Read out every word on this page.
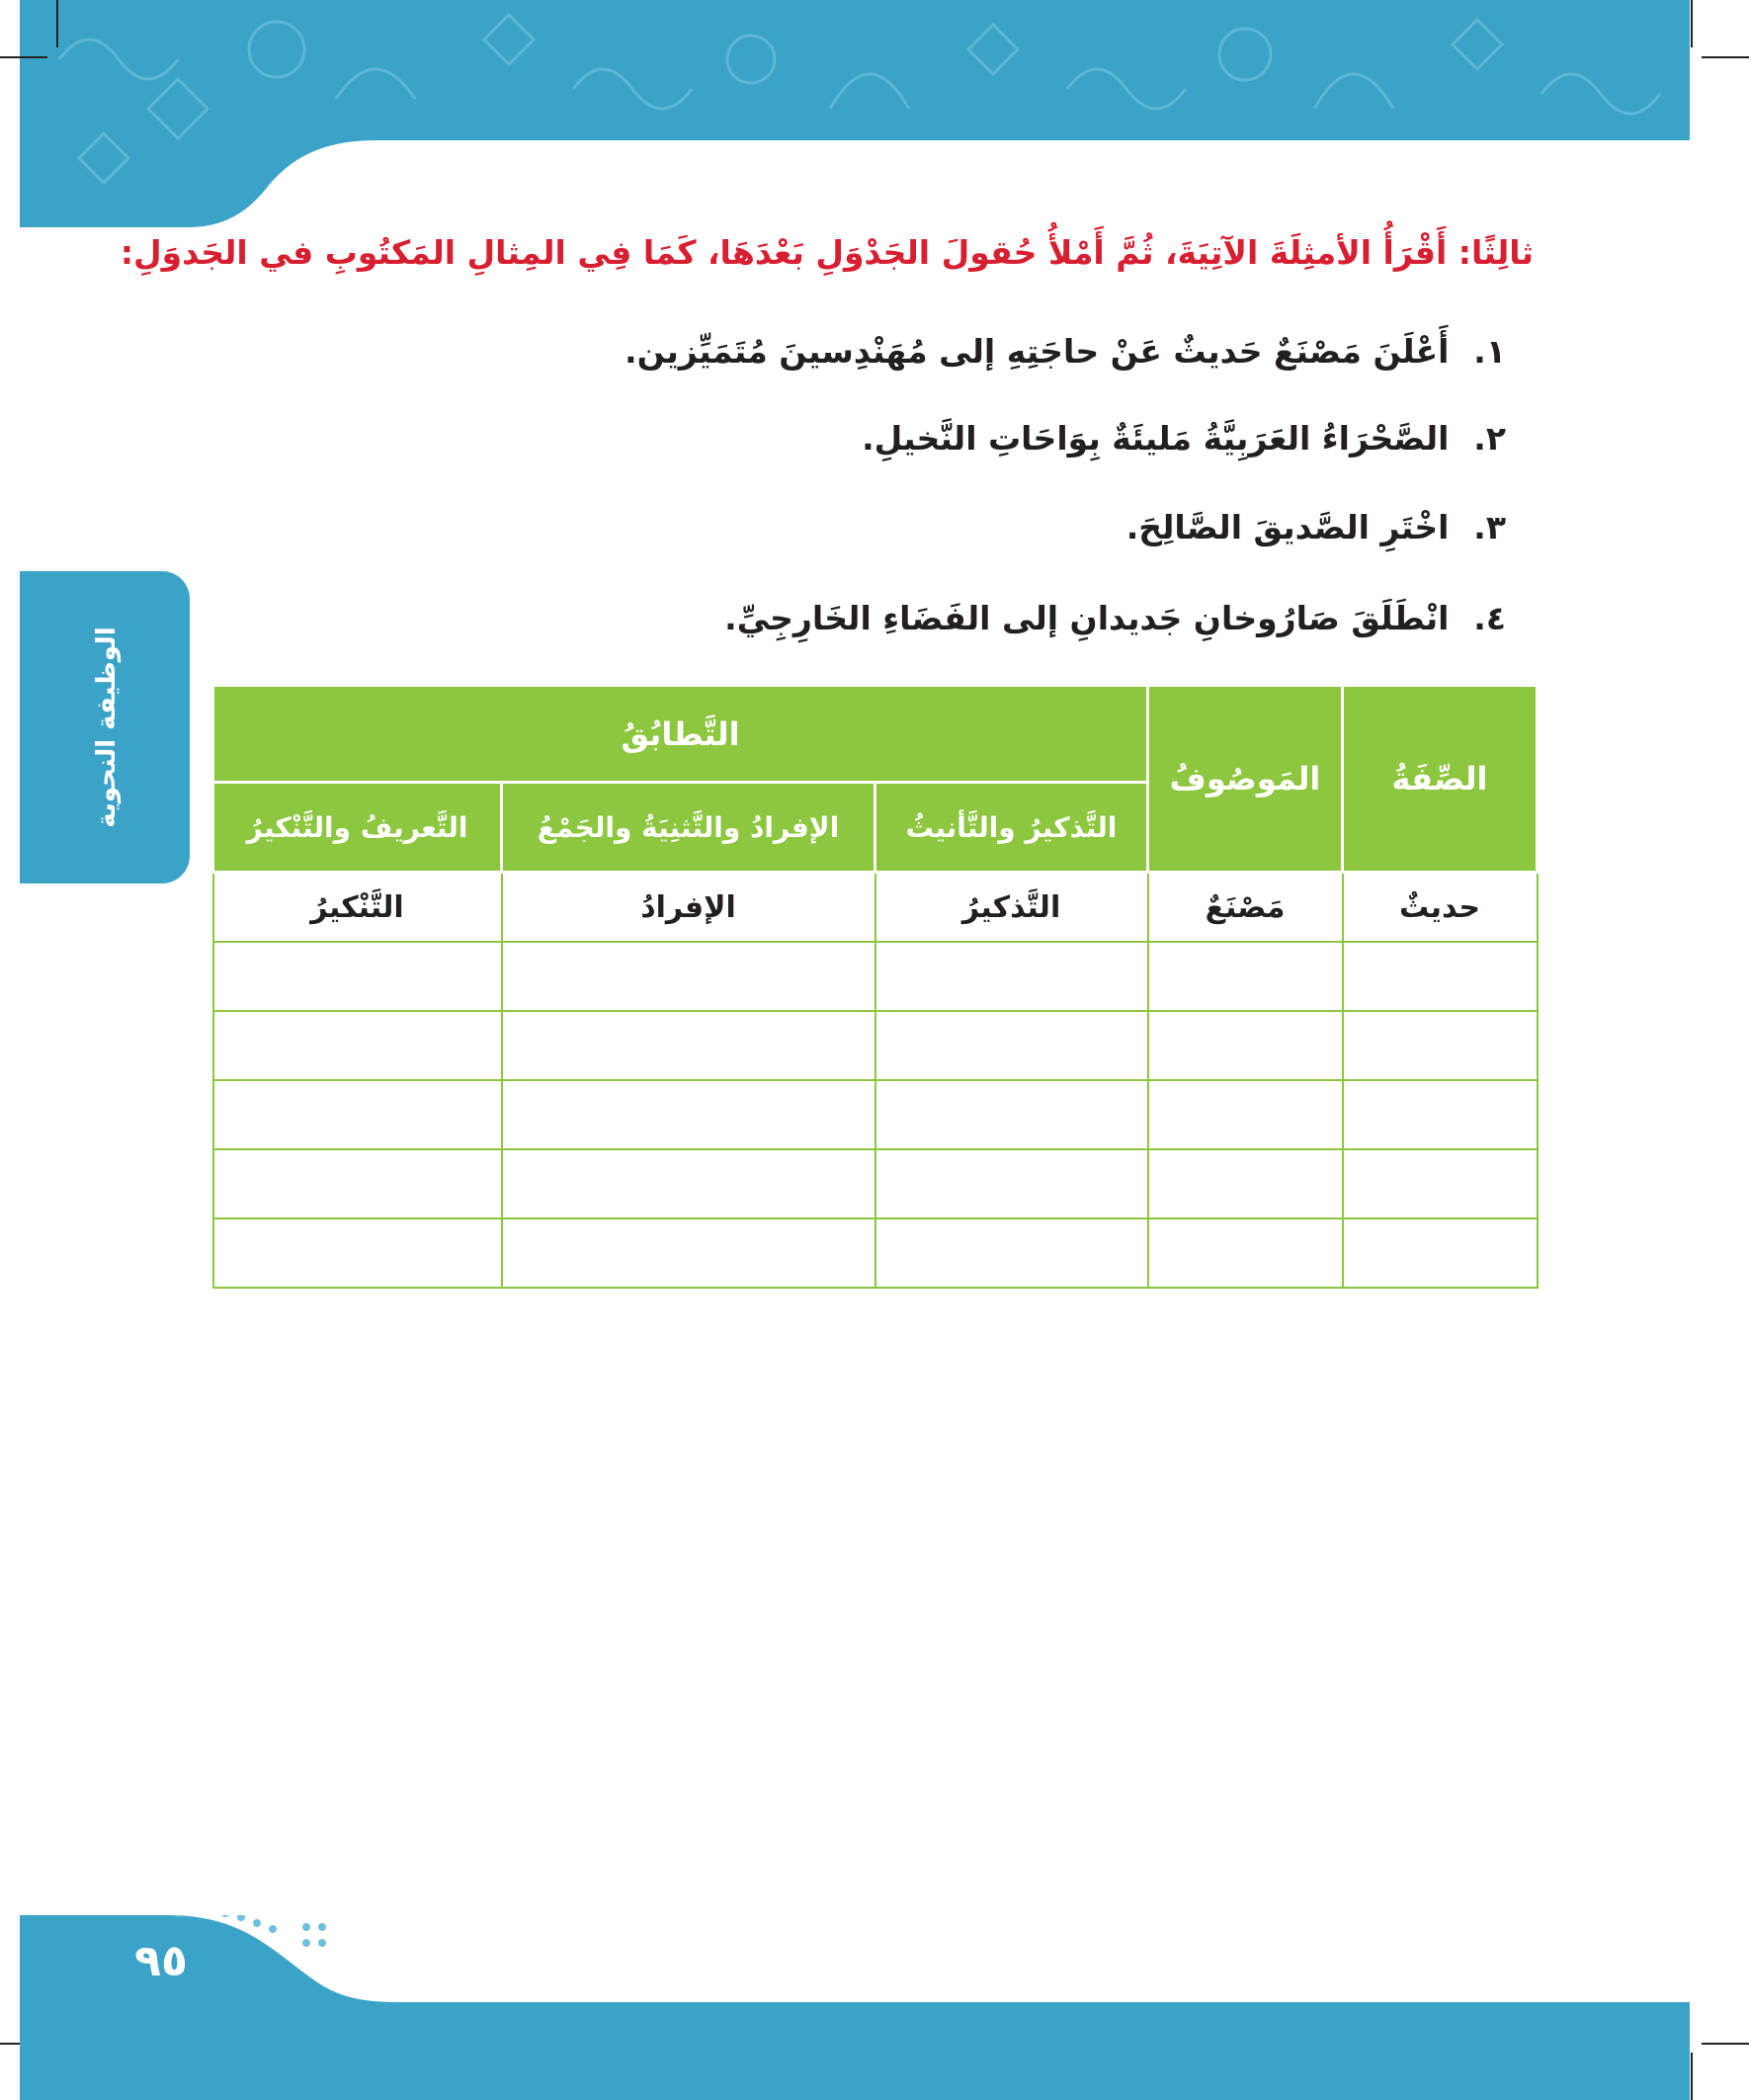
الوظيفة النحوية
ثالِثًا: أَقْرَأُ الأمثِلَةَ الآتِيَةَ، ثُمَّ أَمْلأُ حُقولَ الجَدْوَلِ بَعْدَهَا، كَمَا فِي المِثالِ المَكتُوبِ في الجَدوَلِ:
١. أَعْلَنَ مَصْنَعٌ حَديثٌ عَنْ حاجَتِهِ إلى مُهَنْدِسينَ مُتَمَيِّزين.
٢. الصَّحْرَاءُ العَرَبِيَّةُ مَليئَةٌ بِوَاحَاتِ النَّخيلِ.
٣. اخْتَرِ الصَّديقَ الصَّالِحَ.
٤. انْطَلَقَ صَارُوخانِ جَديدانِ إلى الفَضَاءِ الخَارِجِيِّ.
الصِّفَةُ	المَوصُوفُ	التَّطابُقُ		
		التَّذكيرُ والتَّأنيثُ	الإفرادُ والتَّثنِيَةُ والجَمْعُ	التَّعريفُ والتَّنْكيرُ
حديثٌ	مَصْنَعٌ	التَّذكيرُ	الإفرادُ	التَّنْكيرُ

٩٥
